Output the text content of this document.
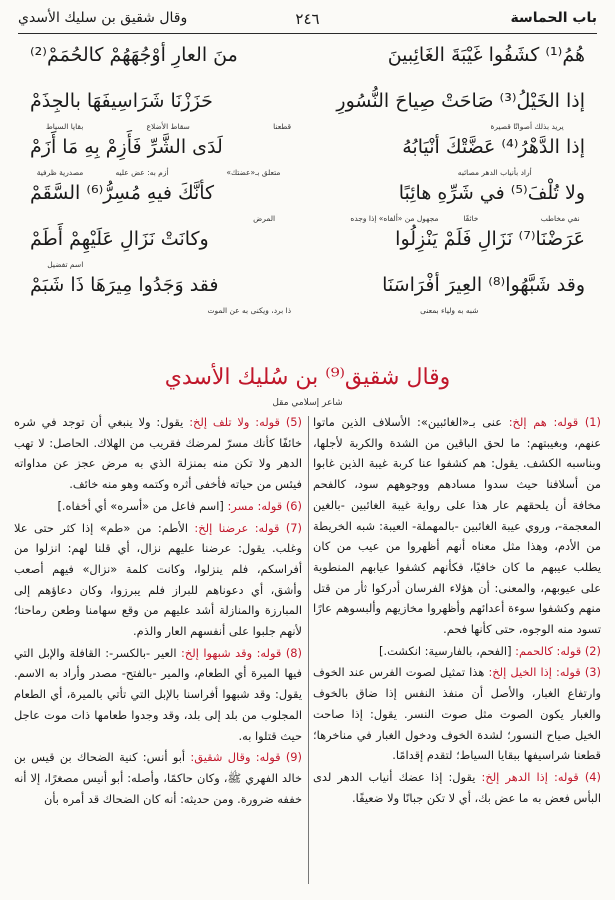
باب الحماسة
٢٤٦
وقال شقيق بن سليك الأسدي
هُمُ⁽¹⁾ كشَفُوا غَيْبَةَ الغَائِبينَ
منَ العارِ أوْجُهَهُمْ كالحُمَمْ⁽²⁾
إذا الخَيْلُ⁽³⁾ صَاحَتْ صِياحَ النُّسُورِ
يريد بذلك أصواتًا قصيرة
حَزَزْنَا شَرَاسِيفَهَا بالجِذَمْ
قطعنا
سقاط الأضلاع
بقايا السياط
إذا الدَّهْرُ⁽⁴⁾ عَضَّتْكَ أنْيَابُهُ
أراد بأنياب الدهر مصائبه
لَدَى الشَّرِّ فَأَزِمْ بِهِ مَا أَزَمْ
متعلق بـ«عضتك»
أزم به: عض عليه
مصدرية ظرفية
ولا تُلْفَ⁽⁵⁾ في شَرِّهِ هائِبًا
مجهول من «ألفاه» إذا وجده	خائفًا	نفي مخاطب
كأنَّكَ فيهِ مُسِرُّ⁽⁶⁾ السَّقَمْ
المرض
عَرَضْنَا⁽⁷⁾ نَزَالِ فَلَمْ يَنْزِلُوا
وكانَتْ نَزَالِ عَلَيْهِمْ أَطَمْ
اسم تفضيل
وقد شَبَّهُوا⁽⁸⁾ العِيرَ أفْرَاسَنَا
شبه به ولياء بمعنى
فقد وَجَدُوا مِيرَهَا ذَا شَبَمْ
ذا برد، ويكنى به عن الموت
وقال شقيق⁽⁹⁾ بن سُليك الأسدي
شاعر إسلامي مقل

(1) قوله: هم إلخ: عنى بـ«الغائبين»: الأسلاف الذين ماتوا عنهم، وبغيبتهم: ما لحق الباقين من الشدة والكربة لأجلها، وبناسبه الكشف. يقول: هم كشفوا عنا كربة غيبة الذين غابوا من أسلافنا حيث سدوا مسادهم ووجوههم سود، كالفحم مخافة أن يلحقهم عار هذا على رواية غيبة الغائبين -بالغين المعجمة-، وروي عيبة الغائبين -بالمهملة- العيبة: شبه الخريطة من الأدم، وهذا مثل معناه أنهم أظهروا من عيب من كان يطلب عيبهم ما كان خافيًا، فكأنهم كشفوا عيابهم المنطوية على عيوبهم، والمعنى: أن هؤلاء الفرسان أدركوا ثأر من قتل منهم وكشفوا سوءة أعدائهم وأظهروا مخازيهم وألبسوهم عارًا تسود منه الوجوه، حتى كأنها فحم.

(2) قوله: كالحمم: [الفحم، بالفارسية: انكشت.]

(3) قوله: إذا الخيل إلخ: هذا تمثيل لصوت الفرس عند الخوف وارتفاع الغبار، والأصل أن منفذ النفس إذا ضاق بالخوف والغبار يكون الصوت مثل صوت النسر. يقول: إذا صاحت الخيل صياح النسور؛ لشدة الخوف ودخول الغبار في مناخرها؛ قطعنا شراسيفها ببقايا السياط؛ لتقدم إقدامًا.

(4) قوله: إذا الدهر إلخ: يقول: إذا عضك أنياب الدهر لدى البأس فعض به ما عض بك، أي لا تكن جبانًا ولا ضعيفًا.

(5) قوله: ولا تلف إلخ: يقول: ولا ينبغي أن توجد في شره خائفًا كأنك مسرّ لمرضك فقريب من الهلاك. الحاصل: لا تهب الدهر ولا تكن منه بمنزلة الذي به مرض عجز عن مداواته فيئس من حياته فأخفى أثره وكتمه وهو منه خائف.

(6) قوله: مسر: [اسم فاعل من «أسره» أي أخفاه.]

(7) قوله: عرضنا إلخ: الأطم: من «طم» إذا كثر حتى علا وغلب. يقول: عرضنا عليهم نزال، أي قلنا لهم: انزلوا من أفراسكم، فلم ينزلوا، وكانت كلمة «نزال» فيهم أصعب وأشق، أي دعوناهم للبراز فلم يبرزوا، وكان دعاؤهم إلى المبارزة والمنازلة أشد عليهم من وقع سهامنا وطعن رماحنا؛ لأنهم جلبوا على أنفسهم العار والذم.

(8) قوله: وقد شبهوا إلخ: العير -بالكسر-: القافلة والإبل التي فيها الميرة أي الطعام، والمير -بالفتح- مصدر وأراد به الاسم. يقول: وقد شبهوا أفراسنا بالإبل التي تأتي بالميرة، أي الطعام المجلوب من بلد إلى بلد، وقد وجدوا طعامها ذات موت عاجل حيث قتلوا به.

(9) قوله: وقال شقيق: أبو أنس: كنية الضحاك بن قيس بن خالد الفهري ﷺ، وكان حاكمًا، وأصله: أبو أنيس مصغرًا، إلا أنه خففه ضرورة. ومن حديثه: أنه كان الضحاك قد أمره بأن
